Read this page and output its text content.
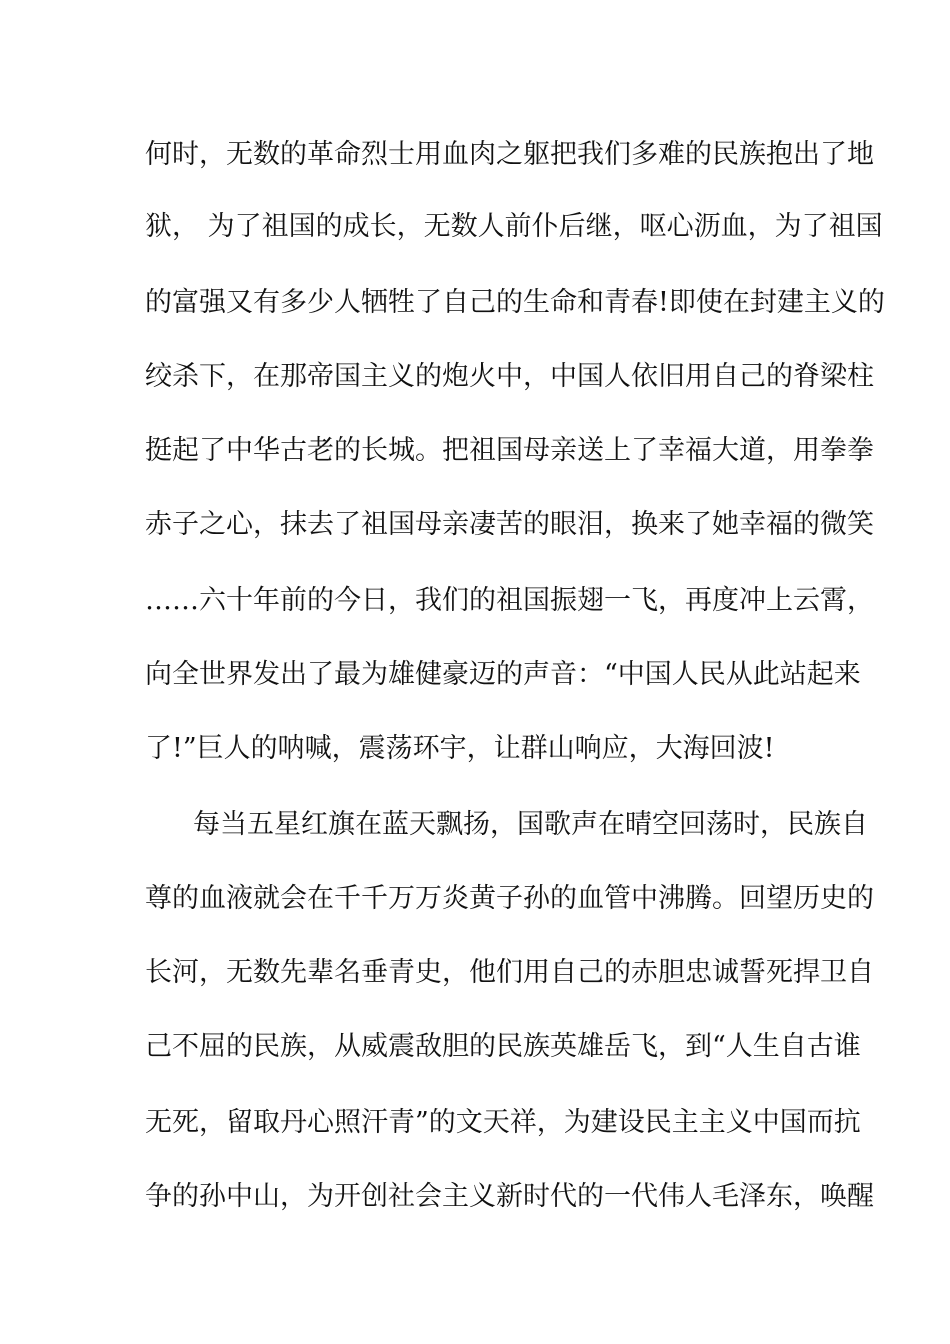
何时，无数的革命烈士用血肉之躯把我们多难的民族抱出了地
狱， 为了祖国的成长，无数人前仆后继，呕心沥血，为了祖国
的富强又有多少人牺牲了自己的生命和青春!即使在封建主义的
绞杀下，在那帝国主义的炮火中，中国人依旧用自己的脊梁柱
挺起了中华古老的长城。把祖国母亲送上了幸福大道，用拳拳
赤子之心，抹去了祖国母亲凄苦的眼泪，换来了她幸福的微笑
……六十年前的今日，我们的祖国振翅一飞，再度冲上云霄，
向全世界发出了最为雄健豪迈的声音：“中国人民从此站起来
了!”巨人的呐喊，震荡环宇，让群山响应，大海回波!
每当五星红旗在蓝天飘扬，国歌声在晴空回荡时，民族自
尊的血液就会在千千万万炎黄子孙的血管中沸腾。回望历史的
长河，无数先辈名垂青史，他们用自己的赤胆忠诚誓死捍卫自
己不屈的民族，从威震敌胆的民族英雄岳飞，到“人生自古谁
无死，留取丹心照汗青”的文天祥，为建设民主主义中国而抗
争的孙中山，为开创社会主义新时代的一代伟人毛泽东，唤醒
